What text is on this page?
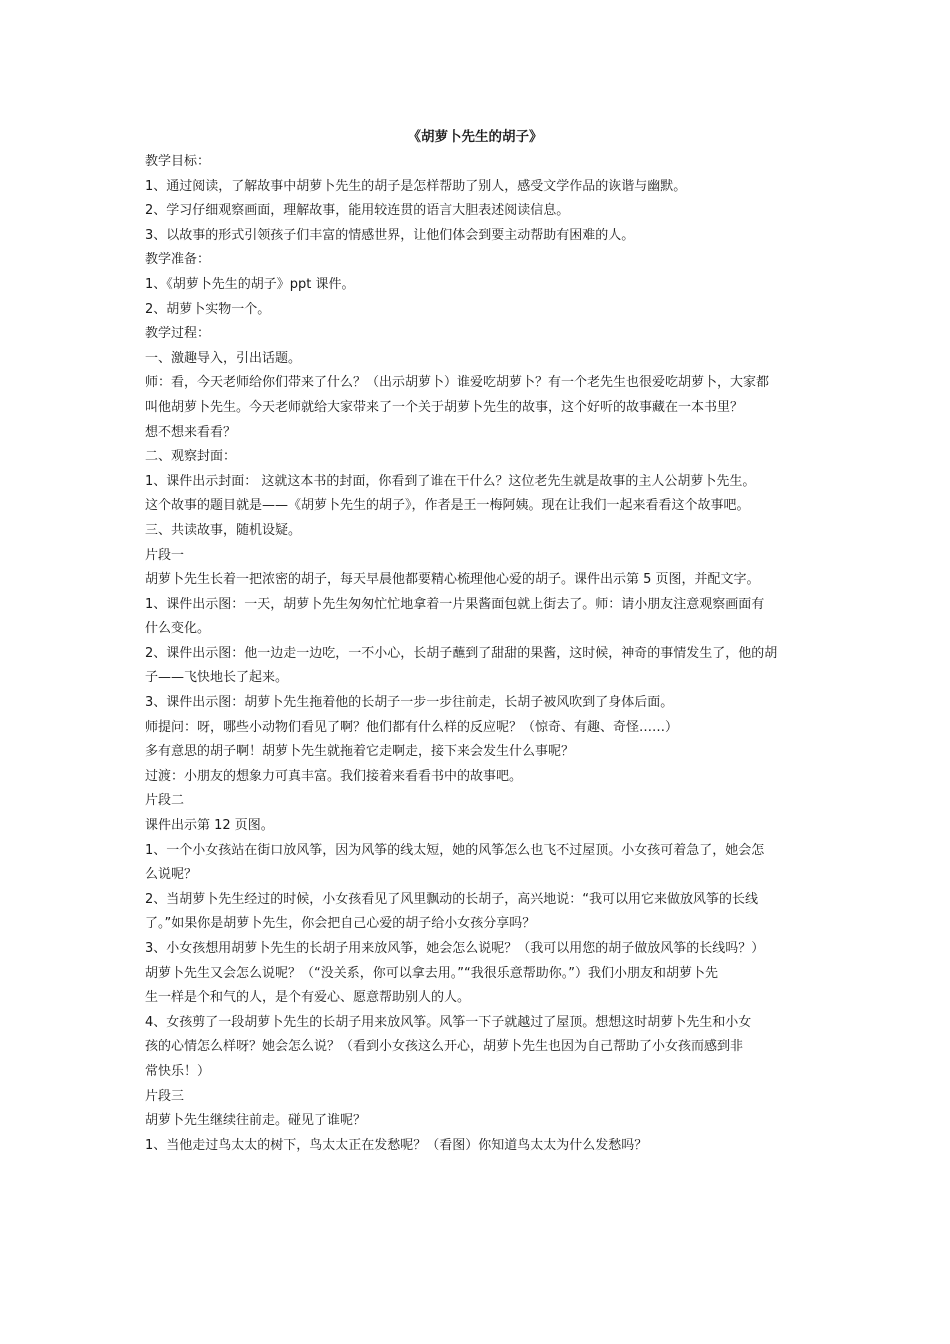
《胡萝卜先生的胡子》
教学目标：
1、通过阅读，了解故事中胡萝卜先生的胡子是怎样帮助了别人，感受文学作品的诙谐与幽默。
2、学习仔细观察画面，理解故事，能用较连贯的语言大胆表述阅读信息。
3、以故事的形式引领孩子们丰富的情感世界，让他们体会到要主动帮助有困难的人。
教学准备：
1、《胡萝卜先生的胡子》ppt 课件。
2、胡萝卜实物一个。
教学过程：
一、激趣导入，引出话题。
师：看，今天老师给你们带来了什么？（出示胡萝卜）谁爱吃胡萝卜？有一个老先生也很爱吃胡萝卜，大家都
叫他胡萝卜先生。今天老师就给大家带来了一个关于胡萝卜先生的故事，这个好听的故事藏在一本书里？
想不想来看看？
二、观察封面：
1、课件出示封面： 这就这本书的封面，你看到了谁在干什么？这位老先生就是故事的主人公胡萝卜先生。
这个故事的题目就是——《胡萝卜先生的胡子》，作者是王一梅阿姨。现在让我们一起来看看这个故事吧。
三、共读故事，随机设疑。
片段一
胡萝卜先生长着一把浓密的胡子，每天早晨他都要精心梳理他心爱的胡子。课件出示第 5 页图，并配文字。
1、课件出示图：一天，胡萝卜先生匆匆忙忙地拿着一片果酱面包就上街去了。师：请小朋友注意观察画面有
什么变化。
2、课件出示图：他一边走一边吃，一不小心，长胡子蘸到了甜甜的果酱，这时候，神奇的事情发生了，他的胡
子——飞快地长了起来。
3、课件出示图：胡萝卜先生拖着他的长胡子一步一步往前走，长胡子被风吹到了身体后面。
师提问：呀，哪些小动物们看见了啊？他们都有什么样的反应呢？（惊奇、有趣、奇怪……）
多有意思的胡子啊！胡萝卜先生就拖着它走啊走，接下来会发生什么事呢？
过渡：小朋友的想象力可真丰富。我们接着来看看书中的故事吧。
片段二
课件出示第 12 页图。
1、一个小女孩站在街口放风筝，因为风筝的线太短，她的风筝怎么也飞不过屋顶。小女孩可着急了，她会怎
么说呢？
2、当胡萝卜先生经过的时候，小女孩看见了风里飘动的长胡子，高兴地说：“我可以用它来做放风筝的长线
了。”如果你是胡萝卜先生，你会把自己心爱的胡子给小女孩分享吗？
3、小女孩想用胡萝卜先生的长胡子用来放风筝，她会怎么说呢？（我可以用您的胡子做放风筝的长线吗？）
胡萝卜先生又会怎么说呢？（“没关系，你可以拿去用。”“我很乐意帮助你。”）我们小朋友和胡萝卜先
生一样是个和气的人，是个有爱心、愿意帮助别人的人。
4、女孩剪了一段胡萝卜先生的长胡子用来放风筝。风筝一下子就越过了屋顶。想想这时胡萝卜先生和小女
孩的心情怎么样呀？她会怎么说？（看到小女孩这么开心，胡萝卜先生也因为自己帮助了小女孩而感到非
常快乐！）
片段三
胡萝卜先生继续往前走。碰见了谁呢？
1、当他走过鸟太太的树下，鸟太太正在发愁呢？（看图）你知道鸟太太为什么发愁吗？
